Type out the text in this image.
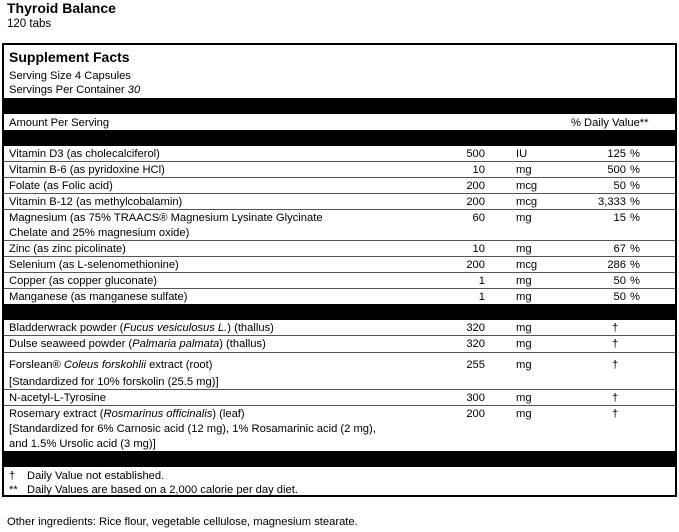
Thyroid Balance
120 tabs
Supplement Facts
Serving Size 4 Capsules
Servings Per Container 30
Amount Per Serving	% Daily Value**
Vitamin D3 (as cholecalciferol)	500	IU	125 %
Vitamin B-6 (as pyridoxine HCl)	10	mg	500 %
Folate (as Folic acid)	200	mcg	50 %
Vitamin B-12 (as methylcobalamin)	200	mcg	3,333 %
Magnesium (as 75% TRAACS® Magnesium Lysinate Glycinate
Chelate and 25% magnesium oxide)
60	mg	15 %
Zinc (as zinc picolinate)	10	mg	67 %
Selenium (as L-selenomethionine)	200	mcg	286 %
Copper (as copper gluconate)	1	mg	50 %
Manganese (as manganese sulfate)	1	mg	50 %
Bladderwrack powder (Fucus vesiculosus L.) (thallus)	320	mg	†
Dulse seaweed powder (Palmaria palmata) (thallus)	320	mg	†
Forslean® Coleus forskohlii extract (root)
[Standardized for 10% forskolin (25.5 mg)]
255	mg	†
N-acetyl-L-Tyrosine	300	mg	†
Rosemary extract (Rosmarinus officinalis) (leaf)
[Standardized for 6% Carnosic acid (12 mg), 1% Rosamarinic acid (2 mg),
and 1.5% Ursolic acid (3 mg)]
200	mg	†
† Daily Value not established.
** Daily Values are based on a 2,000 calorie per day diet.
Other ingredients: Rice flour, vegetable cellulose, magnesium stearate.
